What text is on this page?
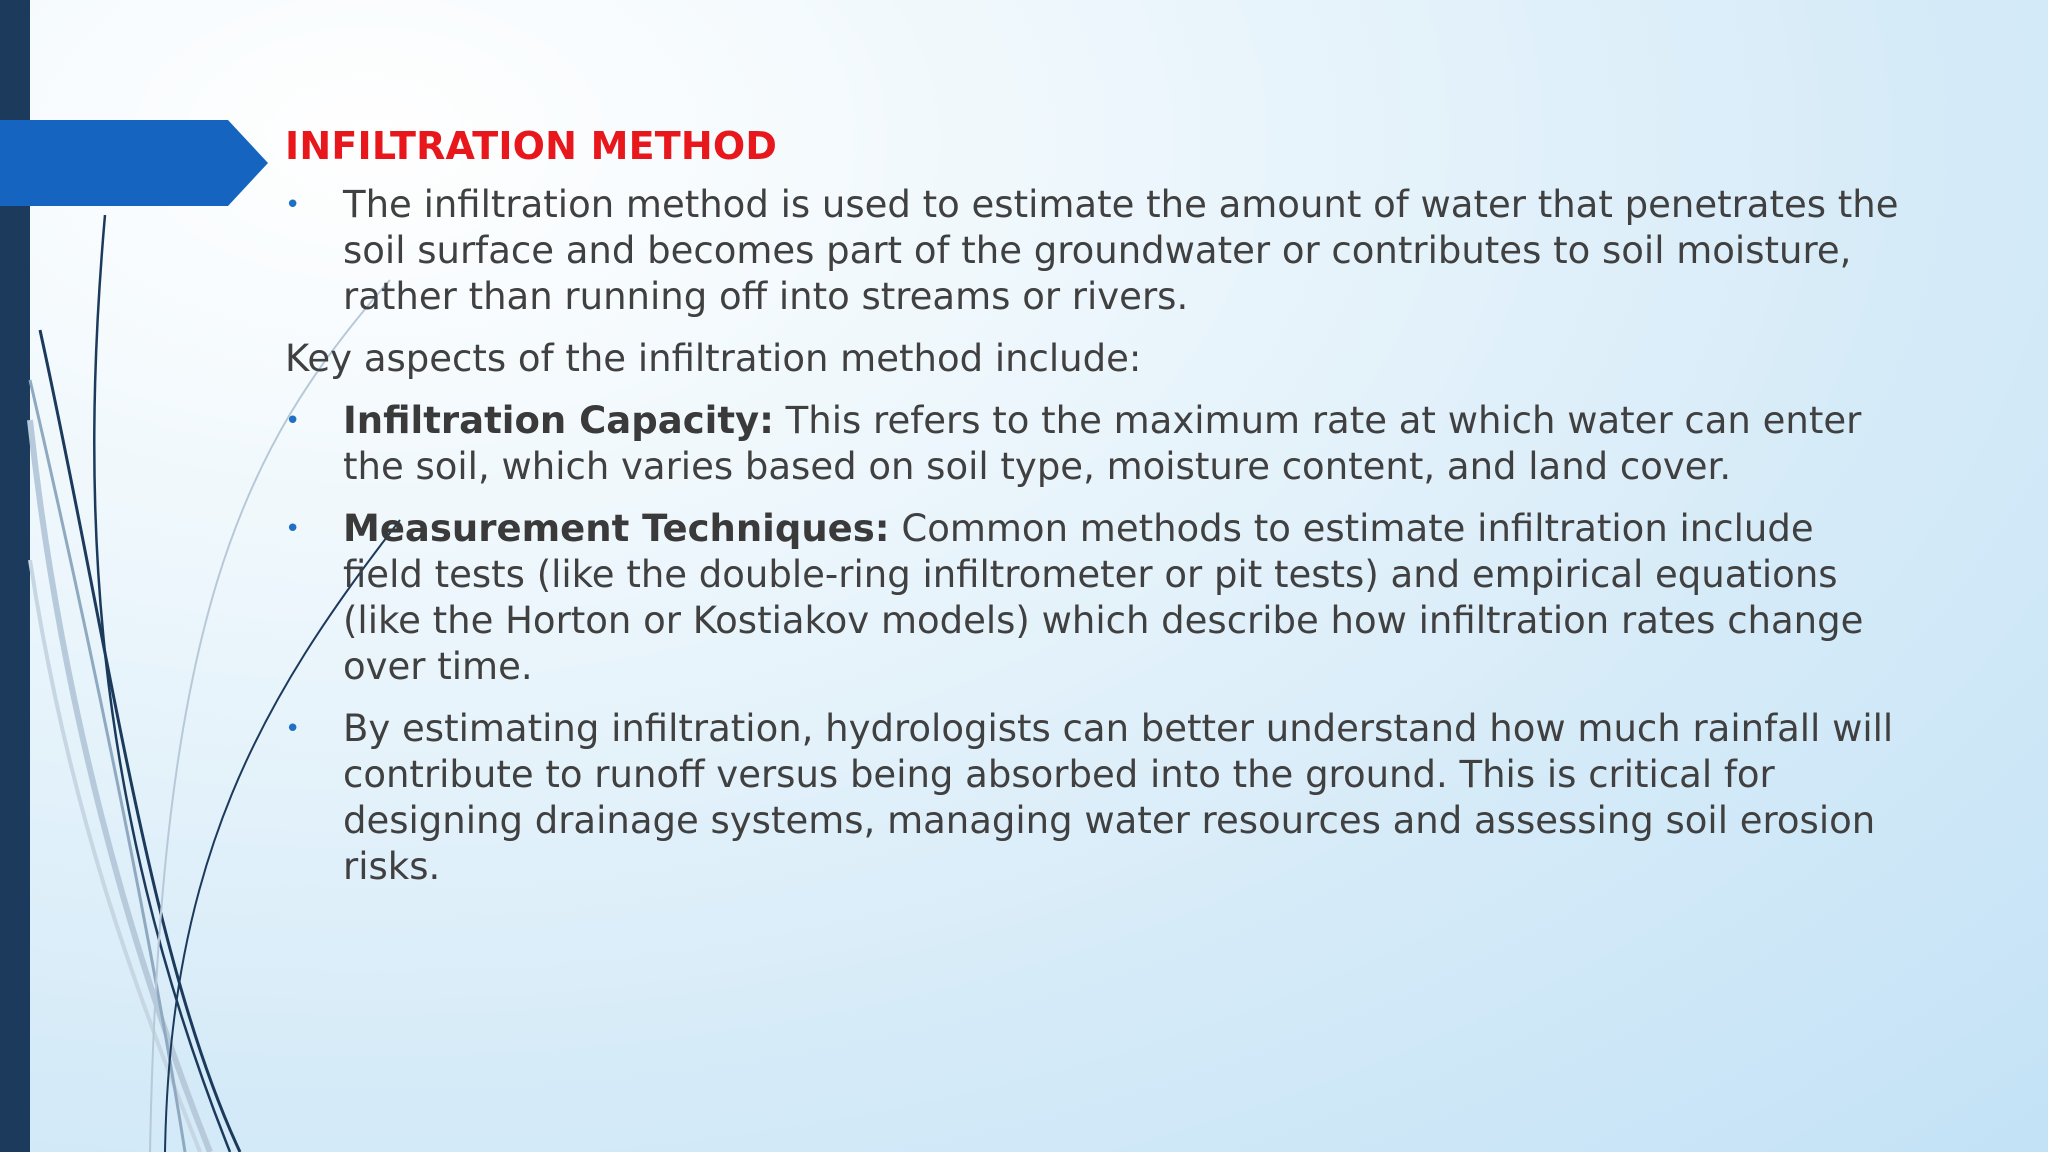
INFILTRATION METHOD
• The infiltration method is used to estimate the amount of water that penetrates the soil surface and becomes part of the groundwater or contributes to soil moisture, rather than running off into streams or rivers.
Key aspects of the infiltration method include:
• Infiltration Capacity: This refers to the maximum rate at which water can enter the soil, which varies based on soil type, moisture content, and land cover.
• Measurement Techniques: Common methods to estimate infiltration include field tests (like the double-ring infiltrometer or pit tests) and empirical equations (like the Horton or Kostiakov models) which describe how infiltration rates change over time.
• By estimating infiltration, hydrologists can better understand how much rainfall will contribute to runoff versus being absorbed into the ground. This is critical for designing drainage systems, managing water resources and assessing soil erosion risks.
